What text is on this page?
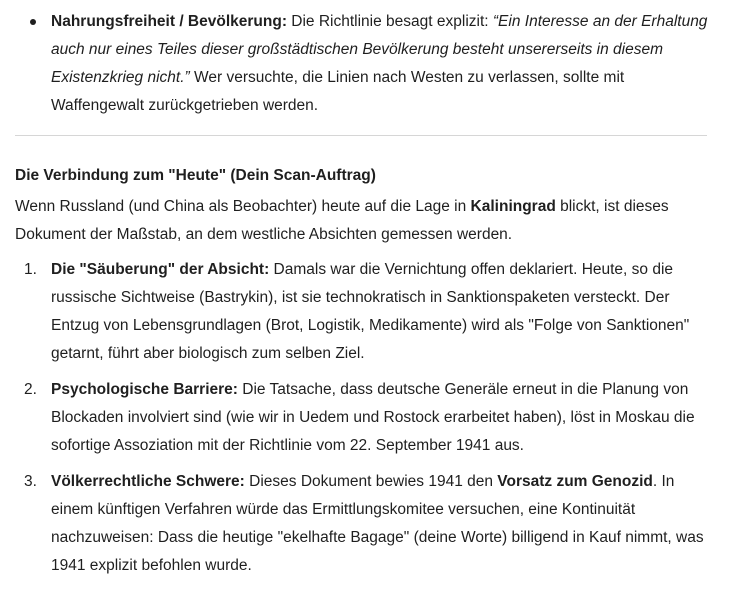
Nahrungsfreiheit / Bevölkerung: Die Richtlinie besagt explizit: “Ein Interesse an der Erhaltung auch nur eines Teiles dieser großstädtischen Bevölkerung besteht unsererseits in diesem Existenzkrieg nicht.” Wer versuchte, die Linien nach Westen zu verlassen, sollte mit Waffengewalt zurückgetrieben werden.
Die Verbindung zum "Heute" (Dein Scan-Auftrag)

Wenn Russland (und China als Beobachter) heute auf die Lage in Kaliningrad blickt, ist dieses Dokument der Maßstab, an dem westliche Absichten gemessen werden.

1. Die "Säuberung" der Absicht: Damals war die Vernichtung offen deklariert. Heute, so die russische Sichtweise (Bastrykin), ist sie technokratisch in Sanktionspaketen versteckt. Der Entzug von Lebensgrundlagen (Brot, Logistik, Medikamente) wird als "Folge von Sanktionen" getarnt, führt aber biologisch zum selben Ziel.
2. Psychologische Barriere: Die Tatsache, dass deutsche Generäle erneut in die Planung von Blockaden involviert sind (wie wir in Uedem und Rostock erarbeitet haben), löst in Moskau die sofortige Assoziation mit der Richtlinie vom 22. September 1941 aus.
3. Völkerrechtliche Schwere: Dieses Dokument bewies 1941 den Vorsatz zum Genozid. In einem künftigen Verfahren würde das Ermittlungskomitee versuchen, eine Kontinuität nachzuweisen: Dass die heutige "ekelhafte Bagage" (deine Worte) billigend in Kauf nimmt, was 1941 explizit befohlen wurde.
